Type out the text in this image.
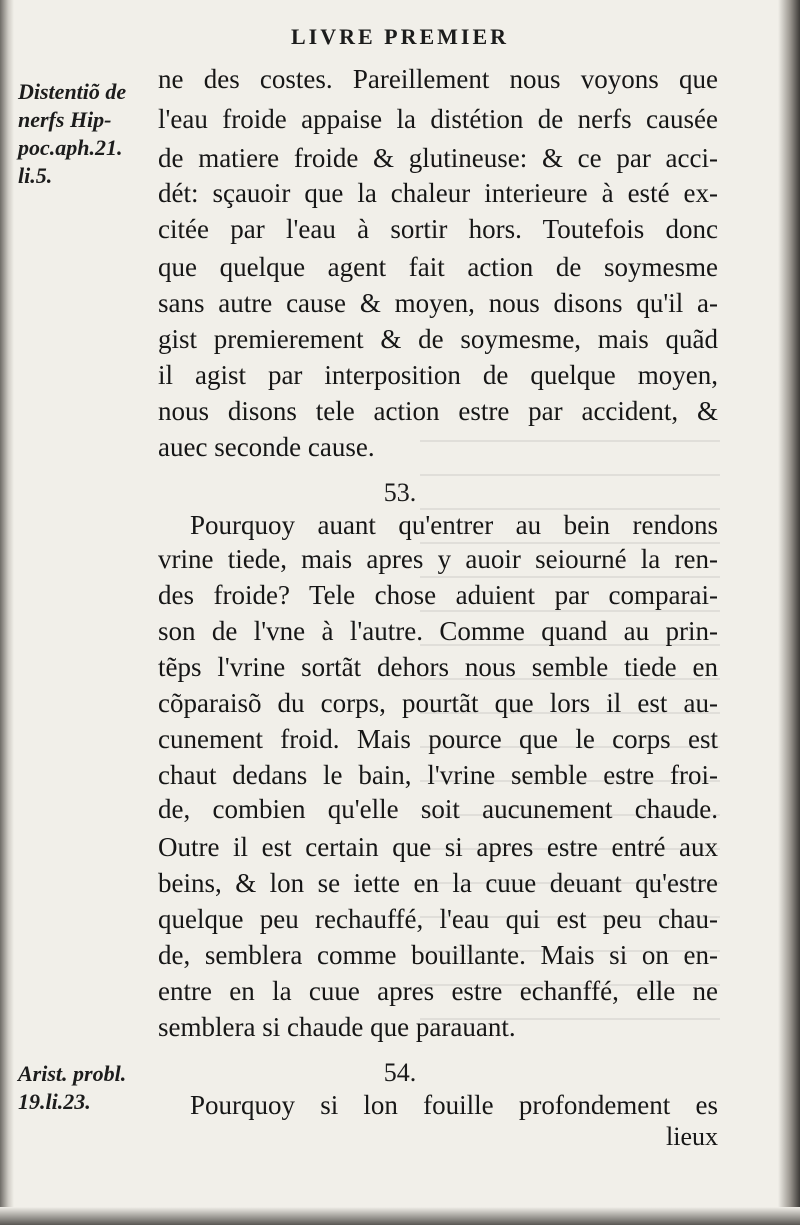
LIVRE PREMIER
Distentiõ de
nerfs Hip-
poc.aph.21.
li.5.
ne des costes. Pareillement nous voyons que
l'eau froide appaise la distétion de nerfs causée
de matiere froide & glutineuse: & ce par acci-
dét: sçauoir que la chaleur interieure à esté ex-
citée par l'eau à sortir hors. Toutefois donc
que quelque agent fait action de soymesme
sans autre cause & moyen, nous disons qu'il a-
gist premierement & de soymesme, mais quãd
il agist par interposition de quelque moyen,
nous disons tele action estre par accident, &
auec seconde cause.
53.
Pourquoy auant qu'entrer au bein rendons
vrine tiede, mais apres y auoir seiourné la ren-
des froide? Tele chose aduient par comparai-
son de l'vne à l'autre. Comme quand au prin-
tẽps l'vrine sortãt dehors nous semble tiede en
cõparaisõ du corps, pourtãt que lors il est au-
cunement froid. Mais pource que le corps est
chaut dedans le bain, l'vrine semble estre froi-
de, combien qu'elle soit aucunement chaude.
Outre il est certain que si apres estre entré aux
beins, & lon se iette en la cuue deuant qu'estre
quelque peu rechauffé, l'eau qui est peu chau-
de, semblera comme bouillante. Mais si on en-
entre en la cuue apres estre echanffé, elle ne
semblera si chaude que parauant.
Arist. probl.
19.li.23.
54.
Pourquoy si lon fouille profondement es
lieux
